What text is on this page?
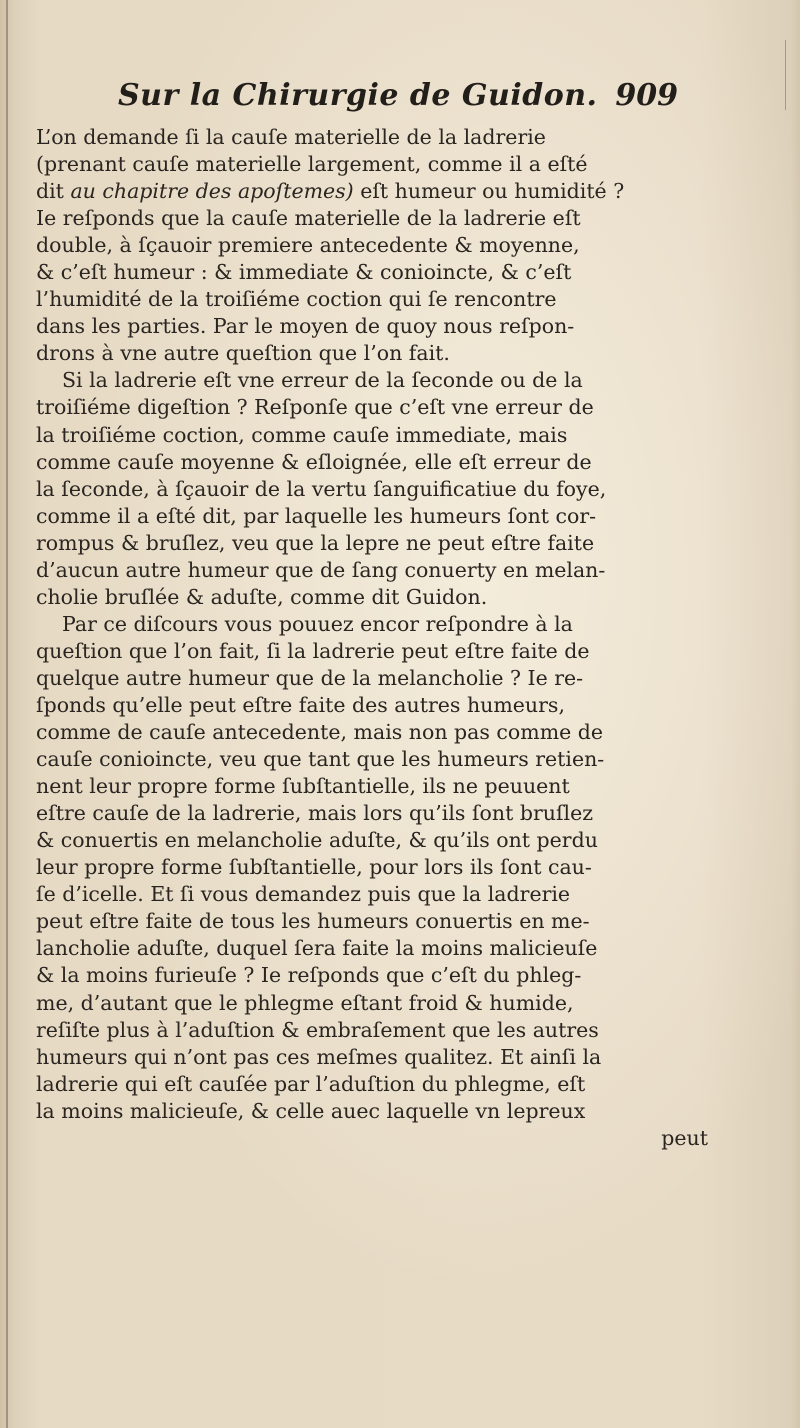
Sur la Chirurgie de Guidon. 909
L’on demande ſi la cauſe materielle de la ladrerie
(prenant cauſe materielle largement, comme il a eſté
dit au chapitre des apoſtemes) eſt humeur ou humidité ?
Ie reſponds que la cauſe materielle de la ladrerie eſt
double, à ſçauoir premiere antecedente & moyenne,
& c’eſt humeur : & immediate & conioincte, & c’eſt
l’humidité de la troiſiéme coction qui ſe rencontre
dans les parties. Par le moyen de quoy nous reſpon-
drons à vne autre queſtion que l’on fait.
Si la ladrerie eſt vne erreur de la ſeconde ou de la
troiſiéme digeſtion ? Reſponſe que c’eſt vne erreur de
la troiſiéme coction, comme cauſe immediate, mais
comme cauſe moyenne & eſloignée, elle eſt erreur de
la ſeconde, à ſçauoir de la vertu ſanguificatiue du foye,
comme il a eſté dit, par laquelle les humeurs ſont cor-
rompus & bruſlez, veu que la lepre ne peut eſtre faite
d’aucun autre humeur que de ſang conuerty en melan-
cholie bruſlée & aduſte, comme dit Guidon.
Par ce diſcours vous pouuez encor reſpondre à la
queſtion que l’on fait, ſi la ladrerie peut eſtre faite de
quelque autre humeur que de la melancholie ? Ie re-
ſponds qu’elle peut eſtre faite des autres humeurs,
comme de cauſe antecedente, mais non pas comme de
cauſe conioincte, veu que tant que les humeurs retien-
nent leur propre forme ſubſtantielle, ils ne peuuent
eſtre cauſe de la ladrerie, mais lors qu’ils ſont bruſlez
& conuertis en melancholie aduſte, & qu’ils ont perdu
leur propre forme ſubſtantielle, pour lors ils ſont cau-
ſe d’icelle. Et ſi vous demandez puis que la ladrerie
peut eſtre faite de tous les humeurs conuertis en me-
lancholie aduſte, duquel ſera faite la moins malicieuſe
& la moins furieuſe ? Ie reſponds que c’eſt du phleg-
me, d’autant que le phlegme eſtant froid & humide,
reſiſte plus à l’aduſtion & embraſement que les autres
humeurs qui n’ont pas ces meſmes qualitez. Et ainſi la
ladrerie qui eſt cauſée par l’aduſtion du phlegme, eſt
la moins malicieuſe, & celle auec laquelle vn lepreux
peut
